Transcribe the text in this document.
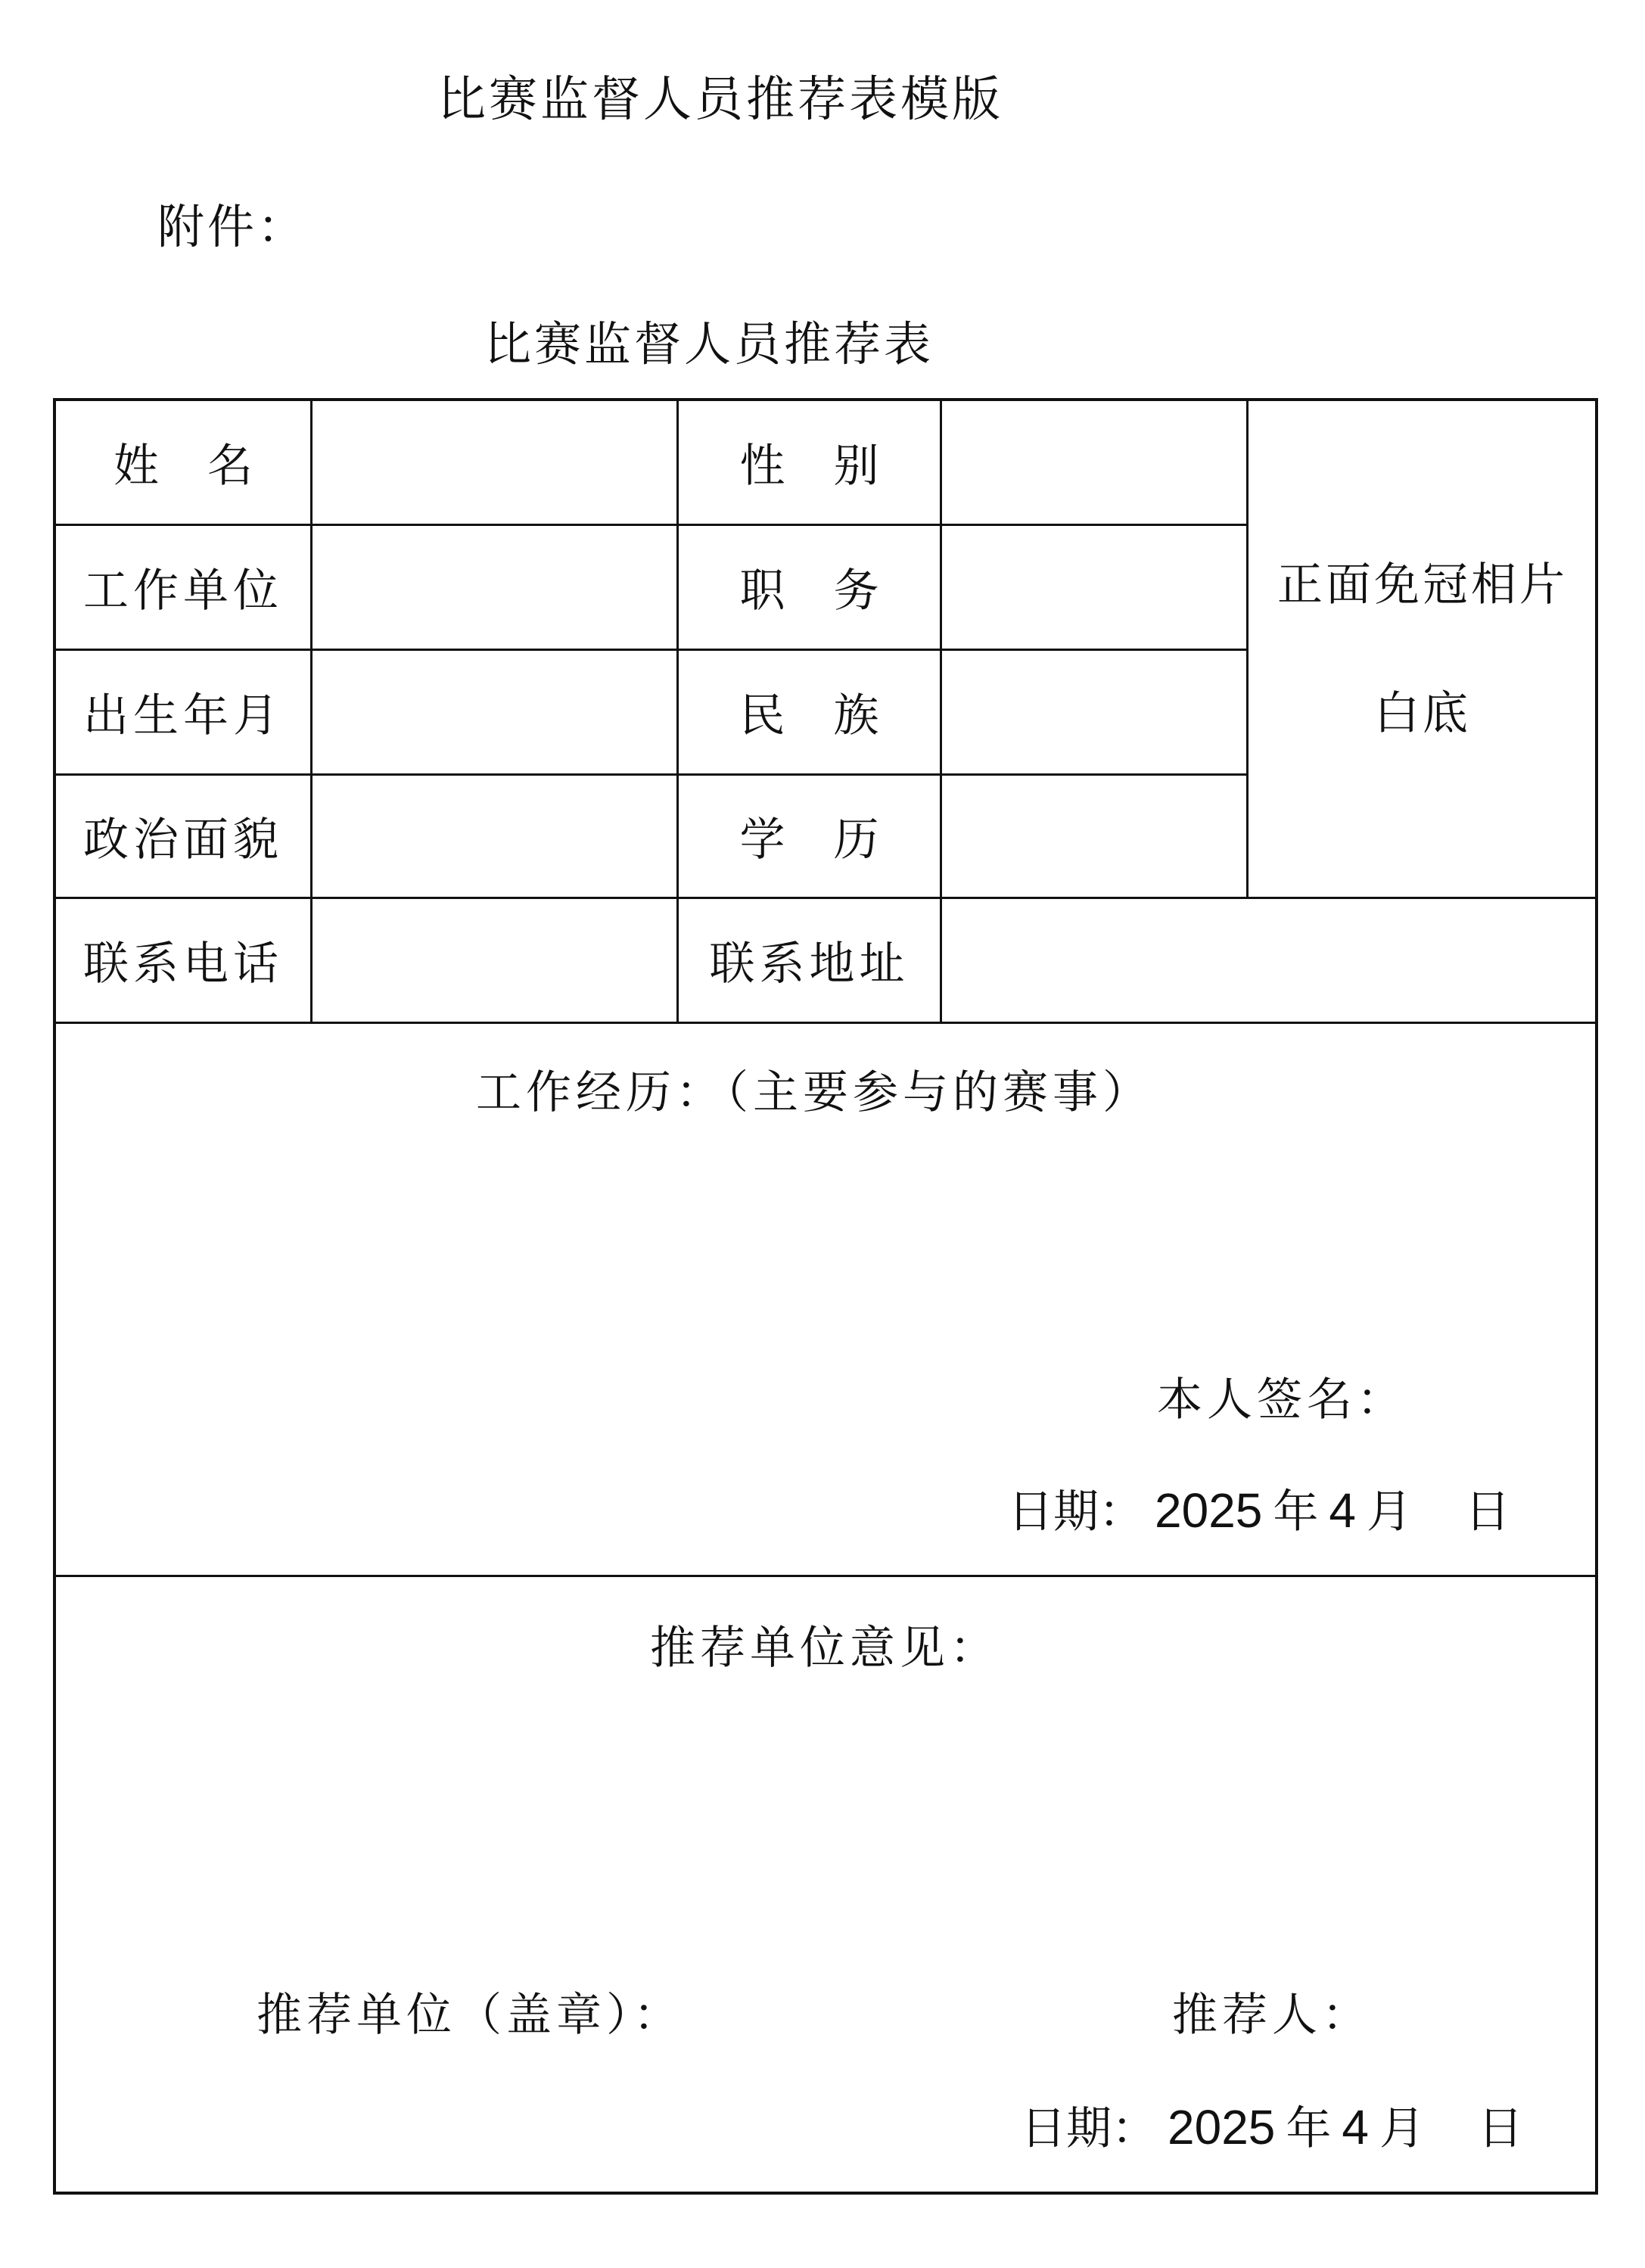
比赛监督人员推荐表模版
附件：
比赛监督人员推荐表
姓名	性别
工作单位	职务
出生年月	民族
政治面貌	学历
正面免冠相片
白底
联系电话	联系地址
工作经历：（主要参与的赛事）
本人签名：
日期： 2025 年 4 月 日
推荐单位意见：
推荐单位（盖章）：	推荐人：
日期： 2025 年 4 月 日
